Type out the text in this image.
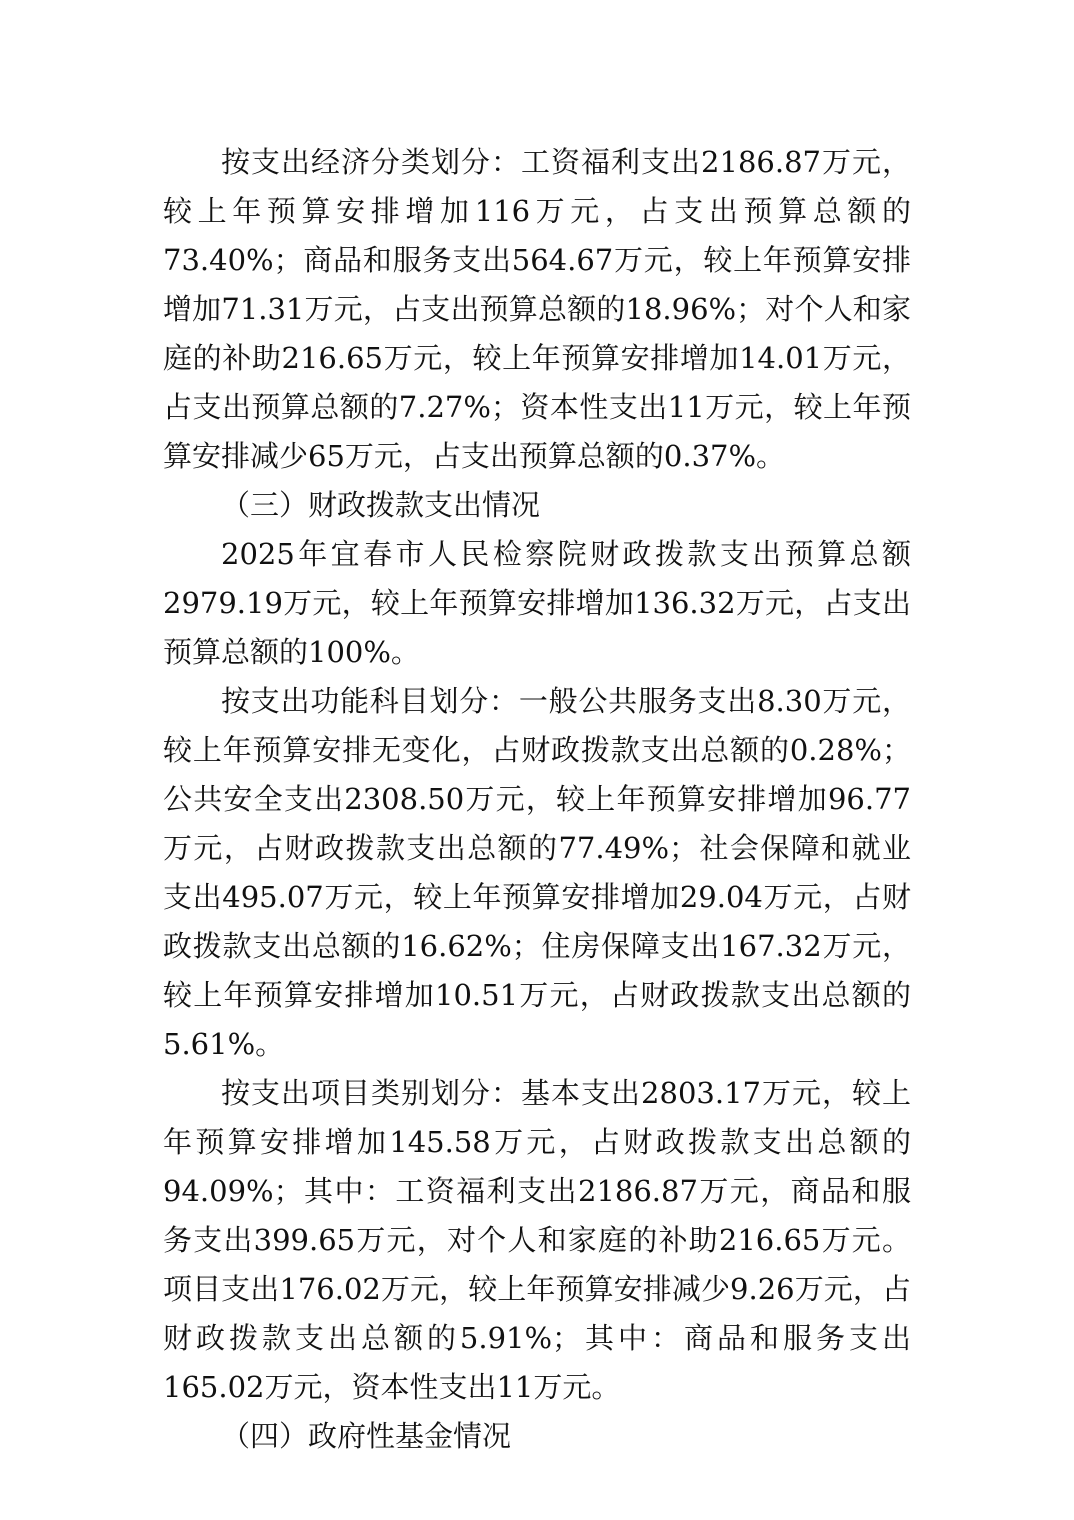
按支出经济分类划分：工资福利支出2186.87万元，较上年预算安排增加116万元，占支出预算总额的73.40%；商品和服务支出564.67万元，较上年预算安排增加71.31万元，占支出预算总额的18.96%；对个人和家庭的补助216.65万元，较上年预算安排增加14.01万元，占支出预算总额的7.27%；资本性支出11万元，较上年预算安排减少65万元，占支出预算总额的0.37%。

（三）财政拨款支出情况

2025年宜春市人民检察院财政拨款支出预算总额2979.19万元，较上年预算安排增加136.32万元，占支出预算总额的100%。

按支出功能科目划分：一般公共服务支出8.30万元，较上年预算安排无变化，占财政拨款支出总额的0.28%；公共安全支出2308.50万元，较上年预算安排增加96.77万元，占财政拨款支出总额的77.49%；社会保障和就业支出495.07万元，较上年预算安排增加29.04万元，占财政拨款支出总额的16.62%；住房保障支出167.32万元，较上年预算安排增加10.51万元，占财政拨款支出总额的5.61%。

按支出项目类别划分：基本支出2803.17万元，较上年预算安排增加145.58万元，占财政拨款支出总额的94.09%；其中：工资福利支出2186.87万元，商品和服务支出399.65万元，对个人和家庭的补助216.65万元。项目支出176.02万元，较上年预算安排减少9.26万元，占财政拨款支出总额的5.91%；其中：商品和服务支出165.02万元，资本性支出11万元。

（四）政府性基金情况
